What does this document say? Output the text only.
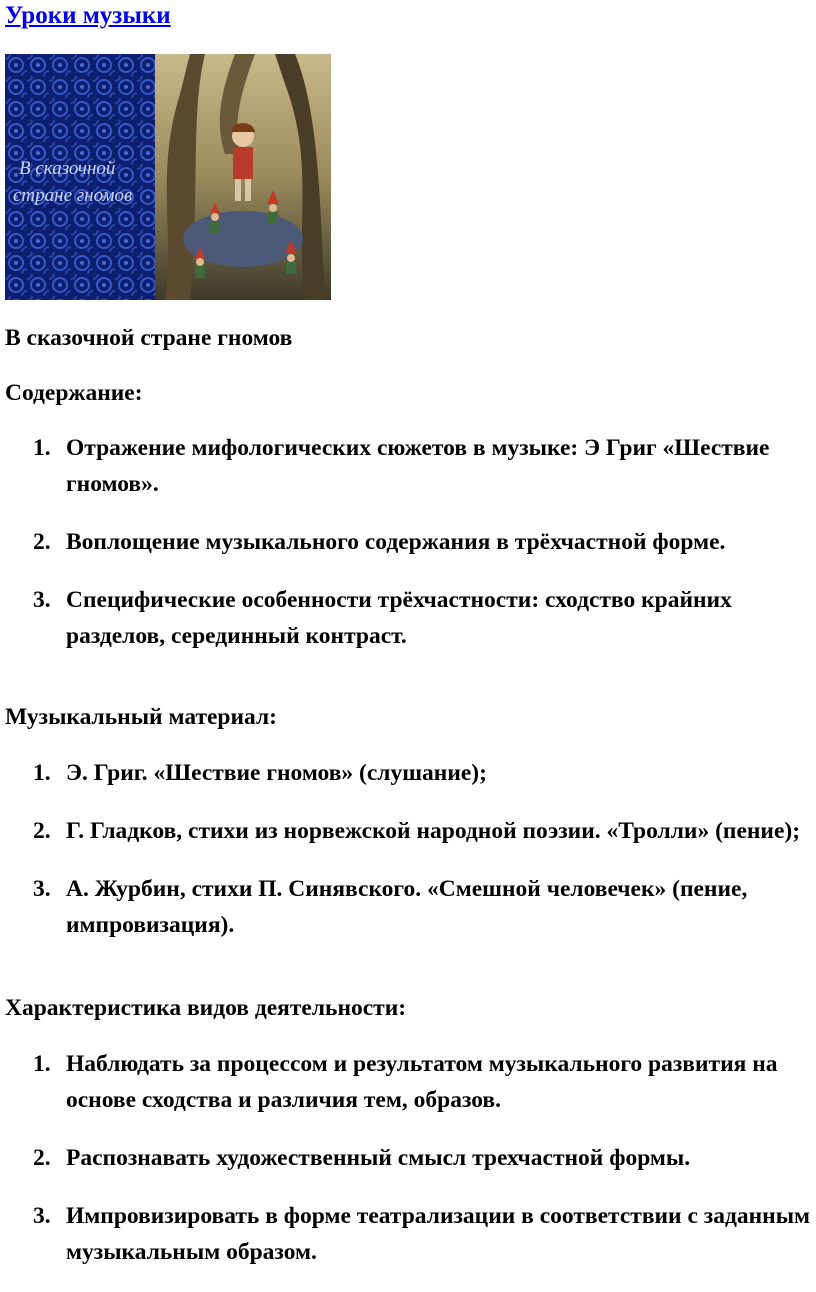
Уроки музыки
В сказочной
стране гномов
В сказочной стране гномов
Содержание:
1. Отражение мифологических сюжетов в музыке: Э Григ «Шествие гномов».
2. Воплощение музыкального содержания в трёхчастной форме.
3. Специфические особенности трёхчастности: сходство крайних разделов, серединный контраст.
Музыкальный материал:
1. Э. Григ. «Шествие гномов» (слушание);
2. Г. Гладков, стихи из норвежской народной поэзии. «Тролли» (пение);
3. А. Журбин, стихи П. Синявского. «Смешной человечек» (пение, импровизация).
Характеристика видов деятельности:
1. Наблюдать за процессом и результатом музыкального развития на основе сходства и различия тем, образов.
2. Распознавать художественный смысл трехчастной формы.
3. Импровизировать в форме театрализации в соответствии с заданным музыкальным образом.
